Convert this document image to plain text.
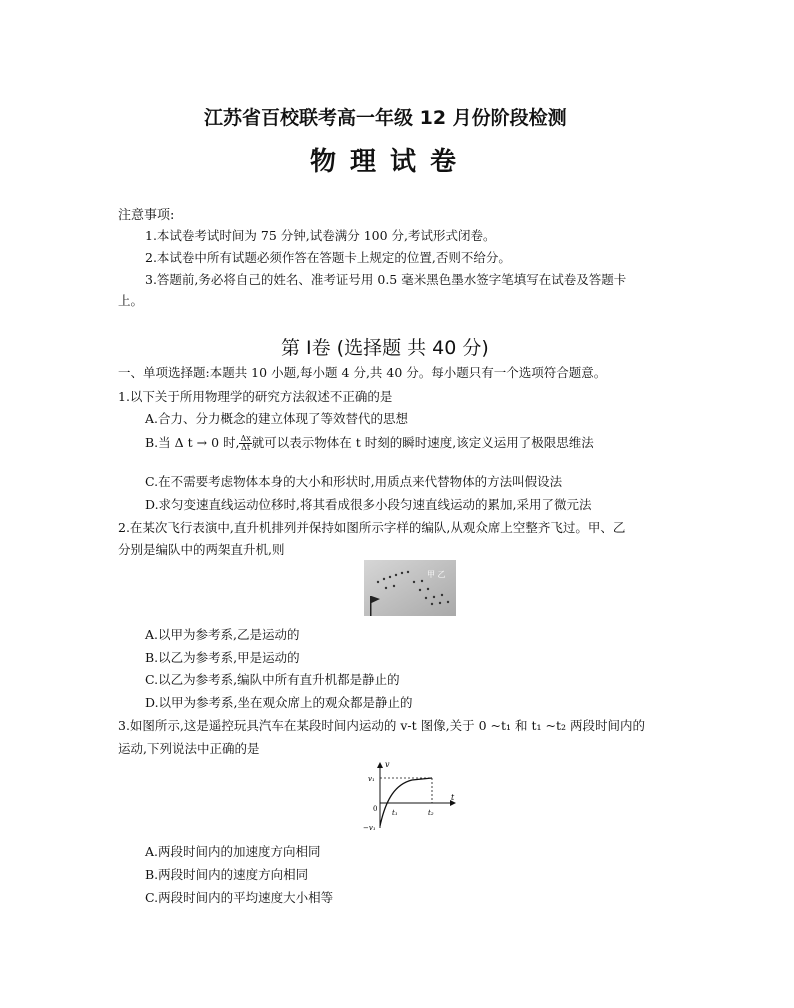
江苏省百校联考高一年级 12 月份阶段检测
物理试卷
注意事项:
1.本试卷考试时间为 75 分钟,试卷满分 100 分,考试形式闭卷。
2.本试卷中所有试题必须作答在答题卡上规定的位置,否则不给分。
3.答题前,务必将自己的姓名、准考证号用 0.5 毫米黑色墨水签字笔填写在试卷及答题卡
上。
第 Ⅰ卷 (选择题 共 40 分)
一、单项选择题:本题共 10 小题,每小题 4 分,共 40 分。每小题只有一个选项符合题意。
1.以下关于所用物理学的研究方法叙述不正确的是
A.合力、分力概念的建立体现了等效替代的思想
B.当 Δ t → 0 时, $\frac{\Delta x}{\Delta t}$ 就可以表示物体在 t 时刻的瞬时速度,该定义运用了极限思维法
C.在不需要考虑物体本身的大小和形状时,用质点来代替物体的方法叫假设法
D.求匀变速直线运动位移时,将其看成很多小段匀速直线运动的累加,采用了微元法
2.在某次飞行表演中,直升机排列并保持如图所示字样的编队,从观众席上空整齐飞过。甲、乙
分别是编队中的两架直升机,则
甲 乙
A.以甲为参考系,乙是运动的
B.以乙为参考系,甲是运动的
C.以乙为参考系,编队中所有直升机都是静止的
D.以甲为参考系,坐在观众席上的观众都是静止的
3.如图所示,这是遥控玩具汽车在某段时间内运动的 v-t 图像,关于 0 ~t₁ 和 t₁ ~t₂ 两段时间内的
运动,下列说法中正确的是
v
t
v₁
−v₁
t₁	t₂
0
A.两段时间内的加速度方向相同
B.两段时间内的速度方向相同
C.两段时间内的平均速度大小相等
